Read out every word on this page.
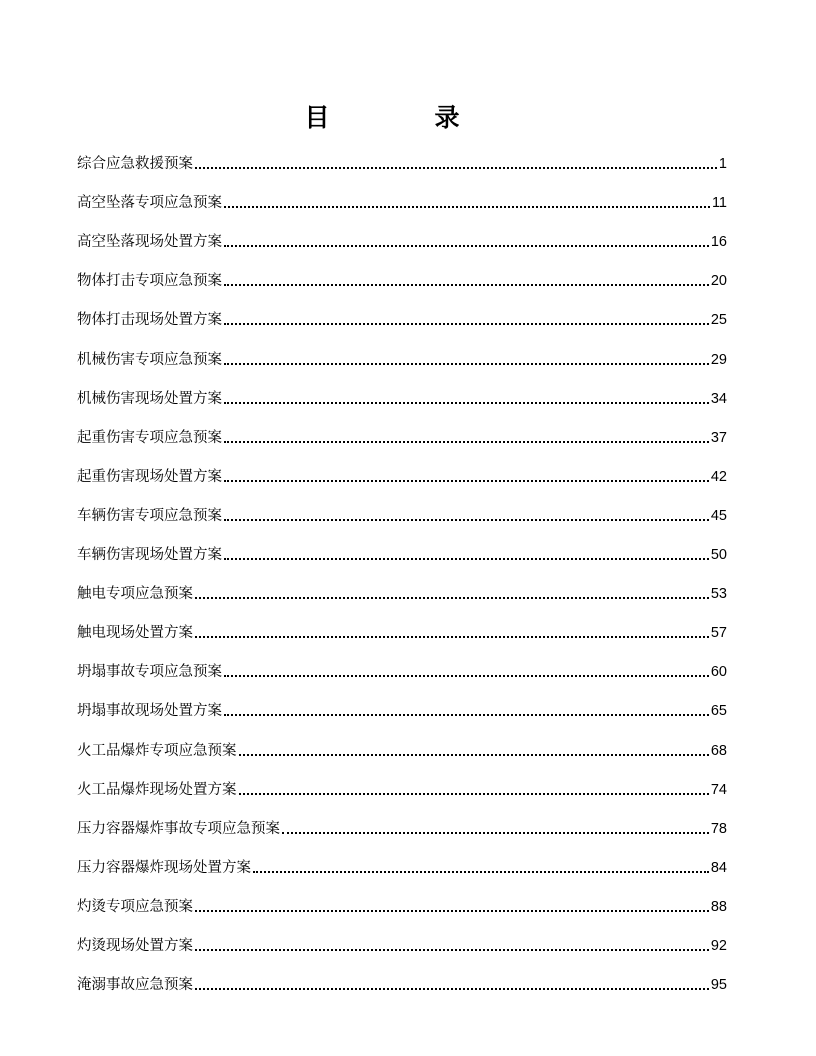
目　录
综合应急救援预案	1
高空坠落专项应急预案	11
高空坠落现场处置方案	16
物体打击专项应急预案	20
物体打击现场处置方案	25
机械伤害专项应急预案	29
机械伤害现场处置方案	34
起重伤害专项应急预案	37
起重伤害现场处置方案	42
车辆伤害专项应急预案	45
车辆伤害现场处置方案	50
触电专项应急预案	53
触电现场处置方案	57
坍塌事故专项应急预案	60
坍塌事故现场处置方案	65
火工品爆炸专项应急预案	68
火工品爆炸现场处置方案	74
压力容器爆炸事故专项应急预案	78
压力容器爆炸现场处置方案	84
灼烫专项应急预案	88
灼烫现场处置方案	92
淹溺事故应急预案	95
